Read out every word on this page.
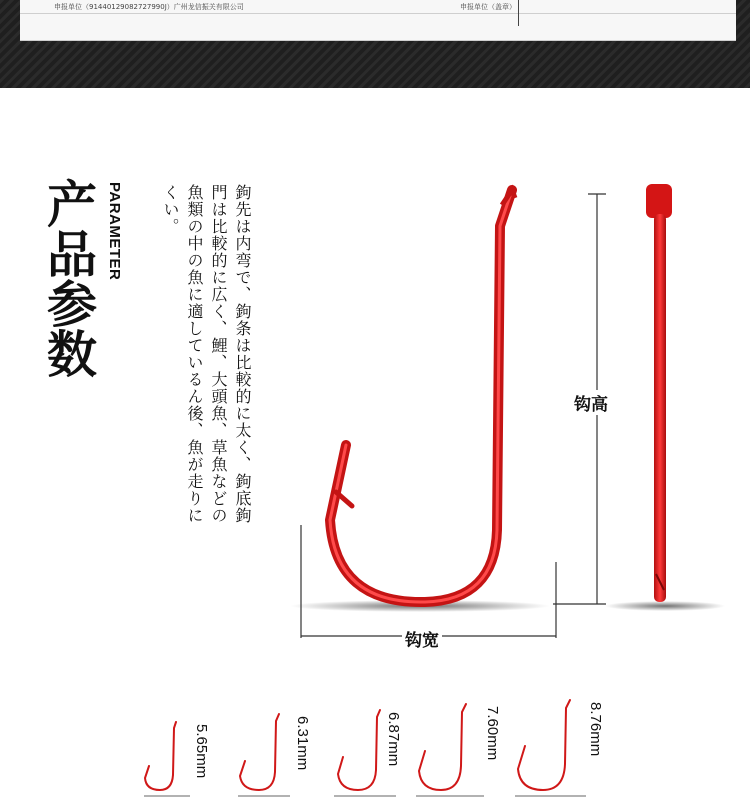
申报单位（91440129082727990J）广州龙信振关有限公司	申报单位（盖章）
产品参数 PARAMETER	鉤先は内弯で、鉤条は比較的に太く、鉤底鉤門は比較的に広く、鯉、大頭魚、草魚などの魚類の中の魚に適しているん後、魚が走りにくい。
钩高
钩宽
5.65mm	6.31mm	6.87mm	7.60mm	8.76mm
